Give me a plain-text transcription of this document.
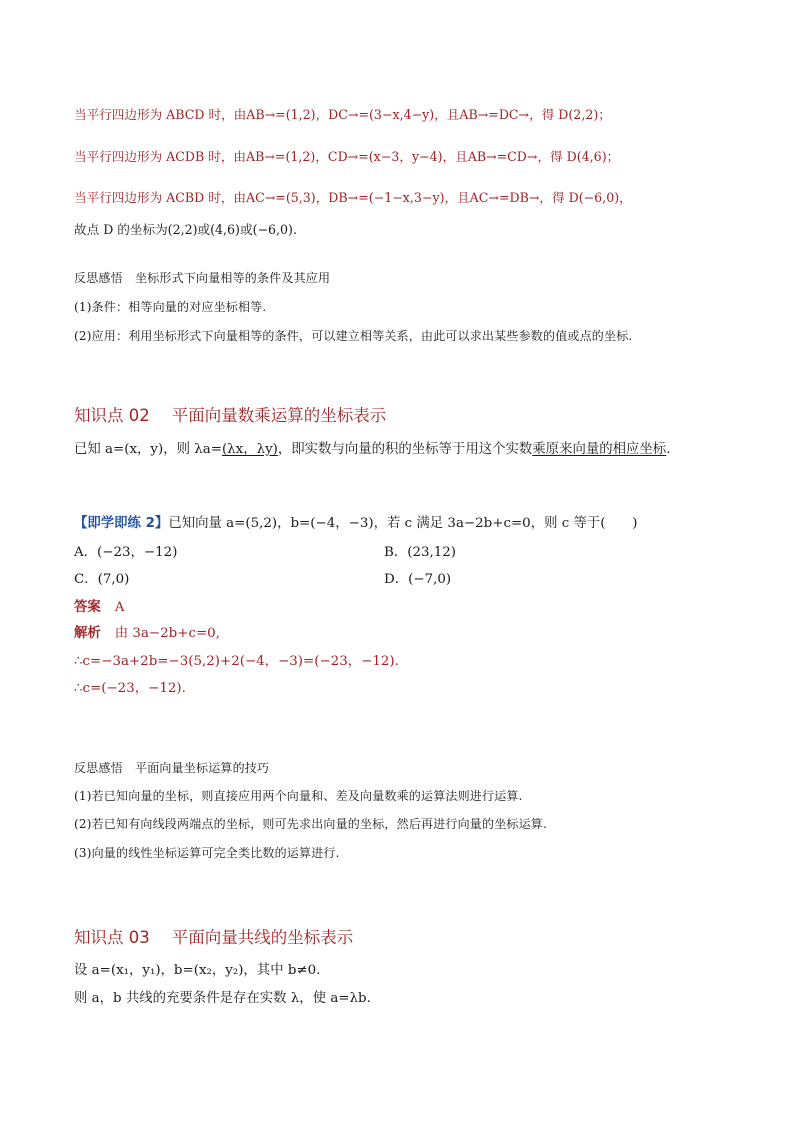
当平行四边形为 ABCD 时，由AB→=(1,2)，DC→=(3−x,4−y)，且AB→=DC→，得 D(2,2)；
当平行四边形为 ACDB 时，由AB→=(1,2)，CD→=(x−3，y−4)，且AB→=CD→，得 D(4,6)；
当平行四边形为 ACBD 时，由AC→=(5,3)，DB→=(−1−x,3−y)，且AC→=DB→，得 D(−6,0)，
故点 D 的坐标为(2,2)或(4,6)或(−6,0).
反思感悟　坐标形式下向量相等的条件及其应用
(1)条件：相等向量的对应坐标相等.
(2)应用：利用坐标形式下向量相等的条件，可以建立相等关系，由此可以求出某些参数的值或点的坐标.
知识点 02 平面向量数乘运算的坐标表示
已知 a=(x，y)，则 λa=(λx，λy)，即实数与向量的积的坐标等于用这个实数乘原来向量的相应坐标.
【即学即练 2】已知向量 a=(5,2)，b=(−4，−3)，若 c 满足 3a−2b+c=0，则 c 等于(　　)
A．(−23，−12)	B．(23,12)
C．(7,0)	D．(−7,0)
答案 A
解析 由 3a−2b+c=0,
∴c=−3a+2b=−3(5,2)+2(−4，−3)=(−23，−12).
∴c=(−23，−12).
反思感悟　平面向量坐标运算的技巧
(1)若已知向量的坐标，则直接应用两个向量和、差及向量数乘的运算法则进行运算.
(2)若已知有向线段两端点的坐标，则可先求出向量的坐标，然后再进行向量的坐标运算.
(3)向量的线性坐标运算可完全类比数的运算进行.
知识点 03 平面向量共线的坐标表示
设 a=(x₁，y₁)，b=(x₂，y₂)，其中 b≠0.
则 a，b 共线的充要条件是存在实数 λ，使 a=λb.
